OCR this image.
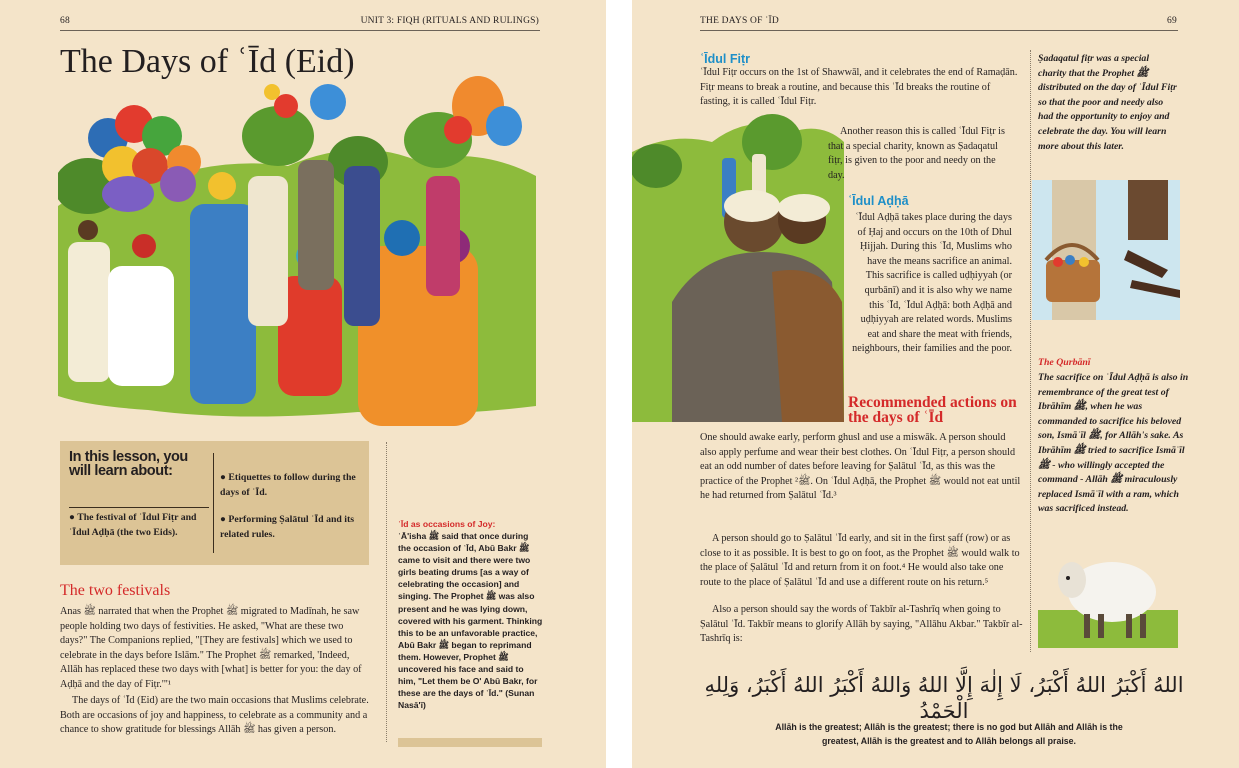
68	UNIT 3: FIQH (RITUALS AND RULINGS)
The Days of ʿĪd (Eid)
In this lesson, you will learn about:
● The festival of ʿĪdul Fiṭr and ʿĪdul Aḍḥā (the two Eids).
● Etiquettes to follow during the days of ʿĪd.
● Performing Ṣalātul ʿĪd and its related rules.
ʿĪd as occasions of Joy:
ʿĀ'isha ﷺ said that once during the occasion of ʿĪd, Abū Bakr ﷺ came to visit and there were two girls beating drums [as a way of celebrating the occasion] and singing. The Prophet ﷺ was also present and he was lying down, covered with his garment. Thinking this to be an unfavorable practice, Abū Bakr ﷺ began to reprimand them. However, Prophet ﷺ uncovered his face and said to him, "Let them be O' Abū Bakr, for these are the days of ʿĪd." (Sunan Nasā'ī)
The two festivals
Anas ﷺ narrated that when the Prophet ﷺ migrated to Madīnah, he saw people holding two days of festivities. He asked, "What are these two days?" The Companions replied, "[They are festivals] which we used to celebrate in the days before Islām." The Prophet ﷺ remarked, 'Indeed, Allāh has replaced these two days with [what] is better for you: the day of Aḍḥā and the day of Fiṭr.'"¹
The days of ʿĪd (Eid) are the two main occasions that Muslims celebrate. Both are occasions of joy and happiness, to celebrate as a community and a chance to show gratitude for blessings Allāh ﷺ has given a person.
THE DAYS OF ʿĪD	69
ʿĪdul Fiṭr
ʿĪdul Fiṭr occurs on the 1st of Shawwāl, and it celebrates the end of Ramaḍān. Fiṭr means to break a routine, and because this ʿĪd breaks the routine of fasting, it is called ʿĪdul Fiṭr.
Another reason this is called ʿĪdul Fiṭr is that a special charity, known as Ṣadaqatul fiṭr, is given to the poor and needy on the day.
ʿĪdul Aḍḥā
ʿĪdul Aḍḥā takes place during the days of Ḥaj and occurs on the 10th of Dhul Ḥijjah. During this ʿĪd, Muslims who have the means sacrifice an animal. This sacrifice is called uḍḥiyyah (or qurbānī) and it is also why we name this ʿĪd, ʿĪdul Aḍḥā: both Aḍḥā and uḍḥiyyah are related words. Muslims eat and share the meat with friends, neighbours, their families and the poor.
Recommended actions on the days of ʿĪd
One should awake early, perform ghusl and use a miswāk. A person should also apply perfume and wear their best clothes. On ʿĪdul Fiṭr, a person should eat an odd number of dates before leaving for Ṣalātul ʿĪd, as this was the practice of the Prophet ﷺ². On ʿĪdul Aḍḥā, the Prophet ﷺ would not eat until he had returned from Ṣalātul ʿĪd.³
A person should go to Ṣalātul ʿĪd early, and sit in the first ṣaff (row) or as close to it as possible. It is best to go on foot, as the Prophet ﷺ would walk to the place of Ṣalātul ʿĪd and return from it on foot.⁴ He would also take one route to the place of Ṣalātul ʿĪd and use a different route on his return.⁵
Also a person should say the words of Takbīr al-Tashrīq when going to Ṣalātul ʿĪd. Takbīr means to glorify Allāh by saying, "Allāhu Akbar." Takbīr al-Tashrīq is:
Ṣadaqatul fiṭr was a special charity that the Prophet ﷺ distributed on the day of ʿĪdul Fiṭr so that the poor and needy also had the opportunity to enjoy and celebrate the day. You will learn more about this later.
The Qurbānī
The sacrifice on ʿĪdul Aḍḥā is also in remembrance of the great test of Ibrāhīm ﷺ, when he was commanded to sacrifice his beloved son, Ismāʿīl ﷺ, for Allāh's sake. As Ibrāhīm ﷺ tried to sacrifice Ismāʿīl ﷺ - who willingly accepted the command - Allāh ﷺ miraculously replaced Ismāʿīl with a ram, which was sacrificed instead.
اللهُ أَكْبَرُ اللهُ أَكْبَرُ، لَا إِلٰهَ إِلَّا اللهُ وَاللهُ أَكْبَرُ اللهُ أَكْبَرُ، وَلِلهِ الْحَمْدُ
Allāh is the greatest; Allāh is the greatest; there is no god but Allāh and Allāh is the greatest, Allāh is the greatest and to Allāh belongs all praise.
